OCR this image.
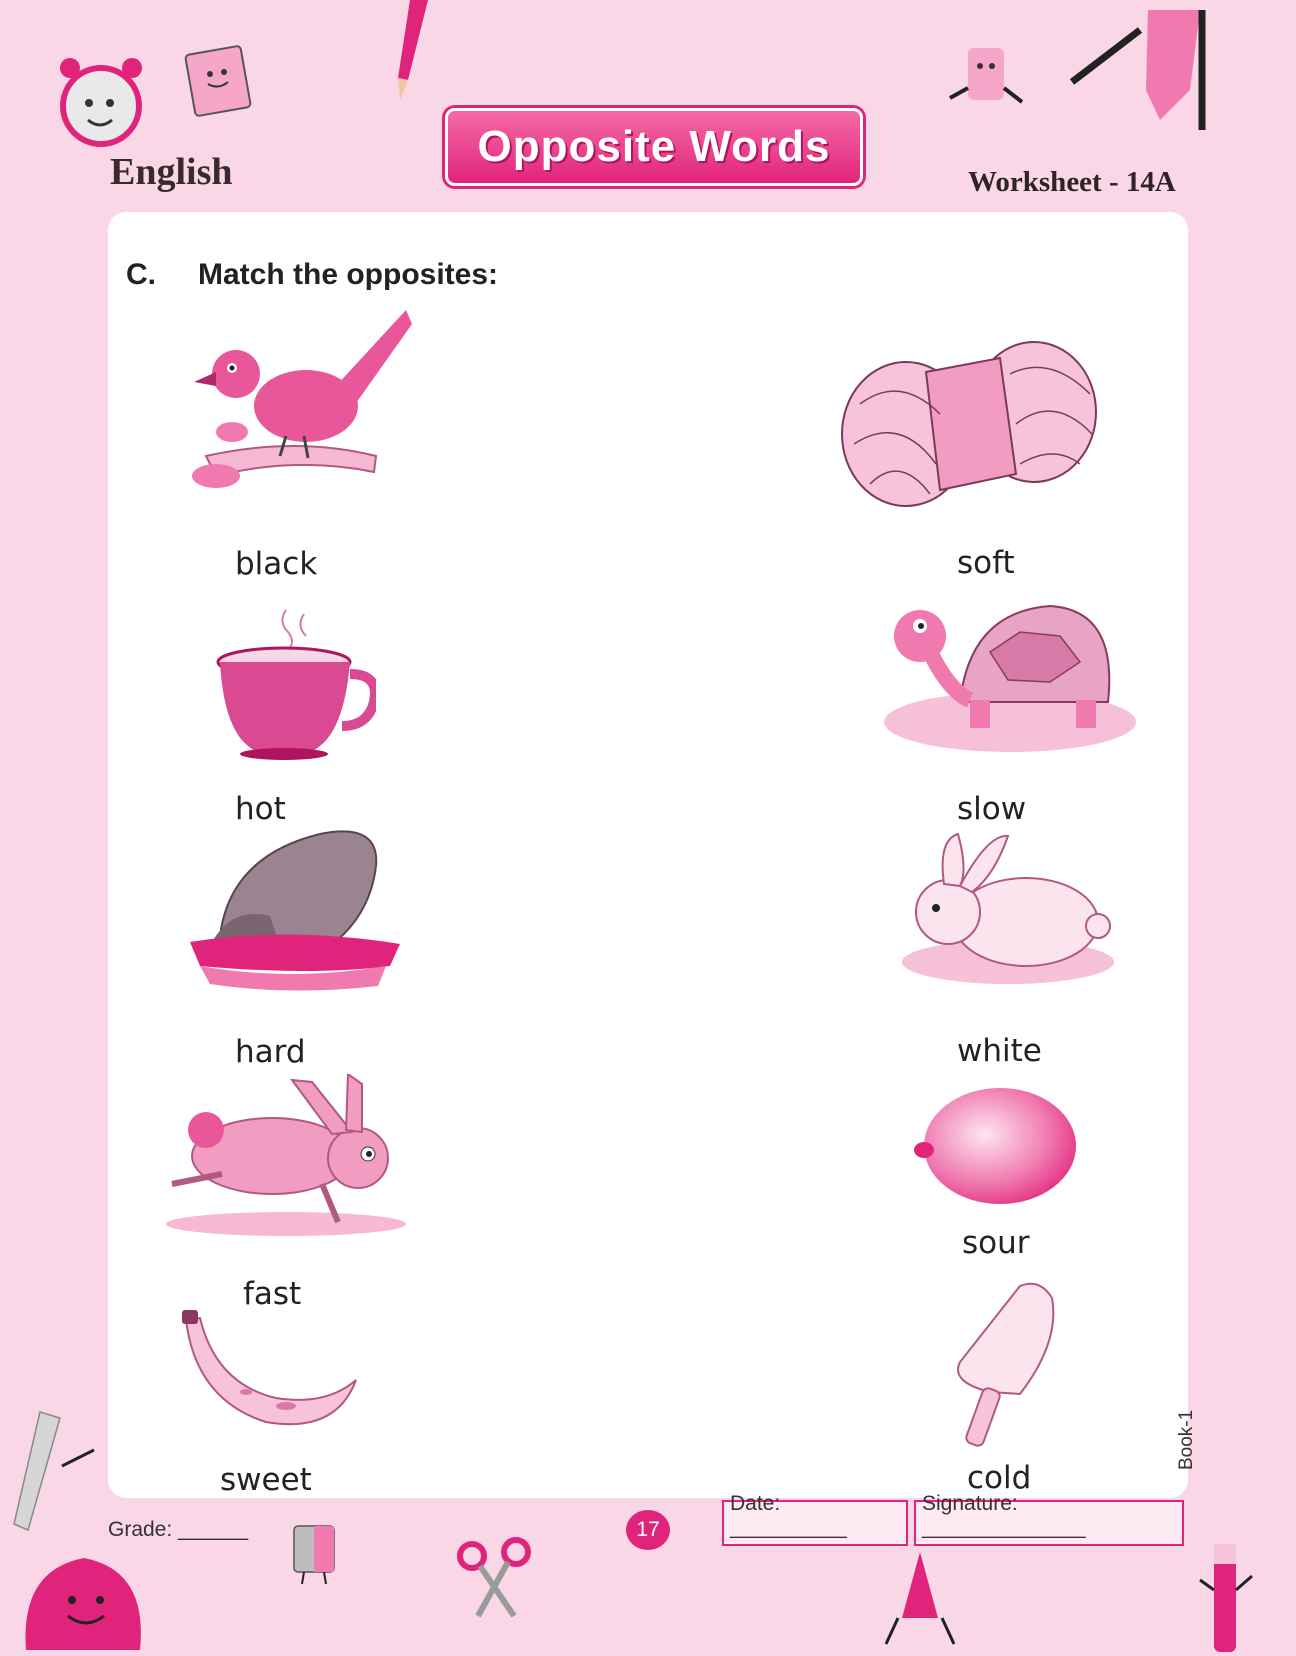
English
Opposite Words
Worksheet - 14A
C. Match the opposites:
black
hot
hard
fast
sweet
soft
slow
white
sour
cold
Grade: ______	17
Date: __________
Signature: ______________
Book-1
